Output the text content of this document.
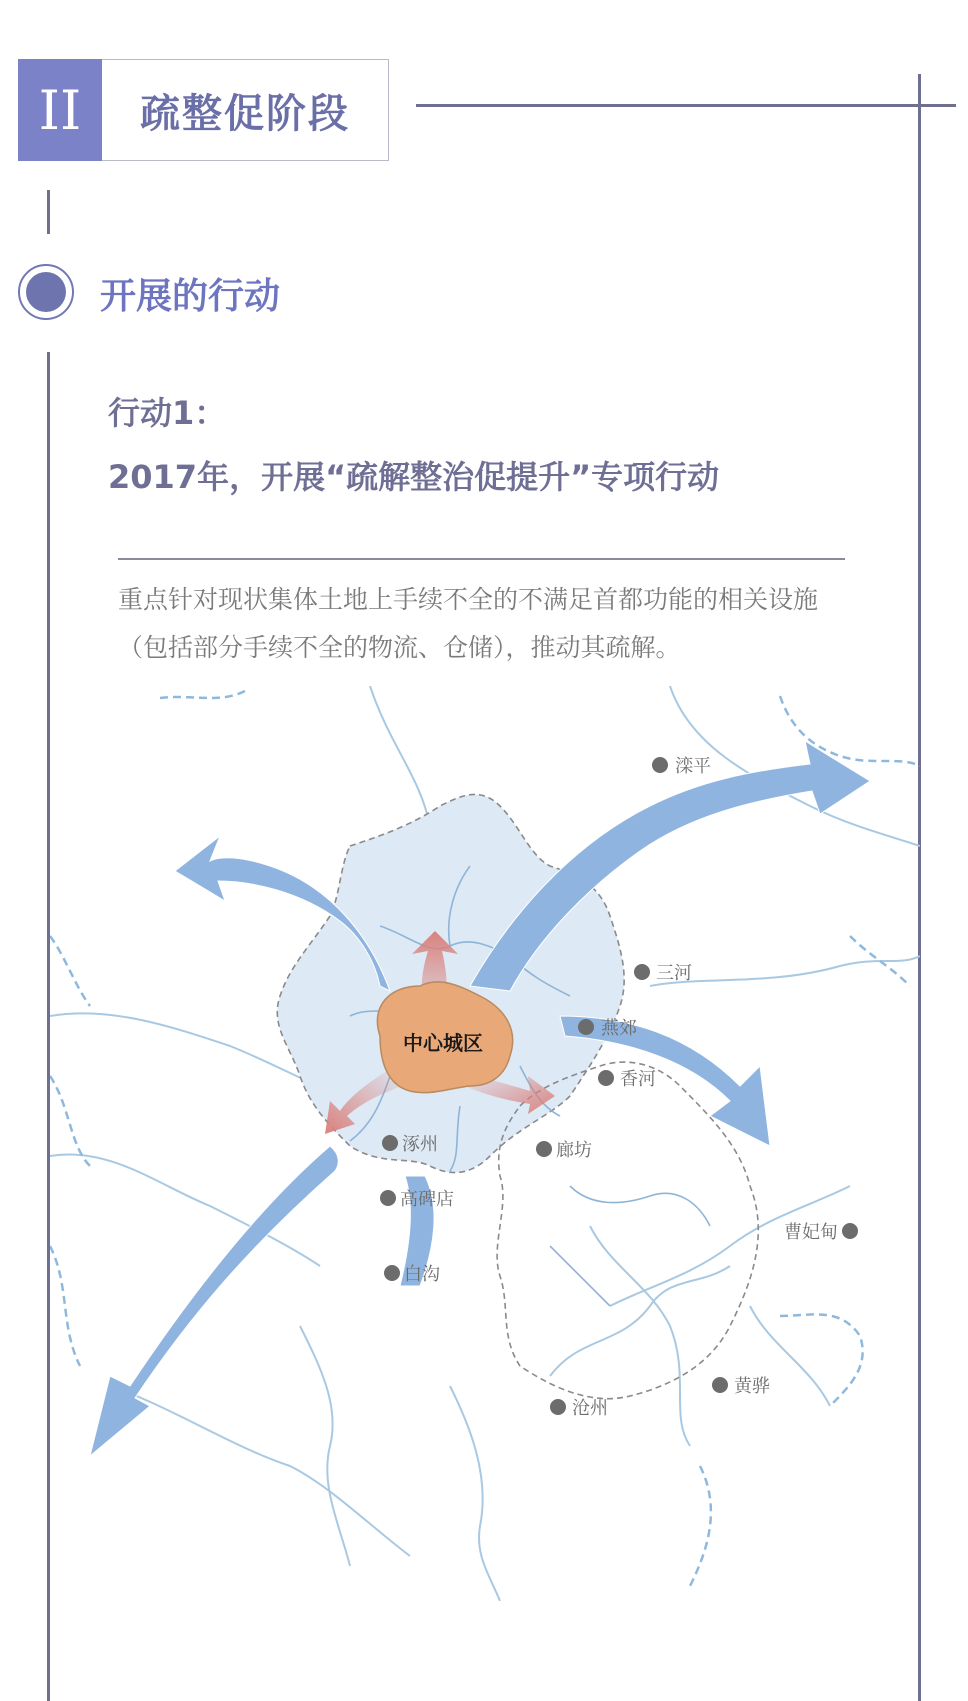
II	疏整促阶段
开展的行动
行动1：
2017年，开展“疏解整治促提升”专项行动
重点针对现状集体土地上手续不全的不满足首都功能的相关设施（包括部分手续不全的物流、仓储），推动其疏解。
中心城区
滦平
三河
燕郊
香河
廊坊
涿州
高碑店
白沟
曹妃甸
黄骅
沧州
